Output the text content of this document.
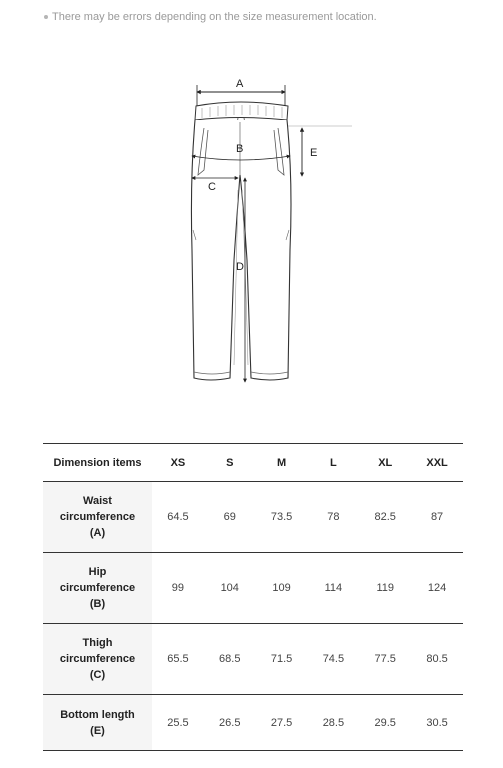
There may be errors depending on the size measurement location.
A
B
C
D
E
Dimension items	XS	S	M	L	XL	XXL

Waist
circumference
(A)	64.5	69	73.5	78	82.5	87

Hip
circumference
(B)	99	104	109	114	119	124

Thigh
circumference
(C)	65.5	68.5	71.5	74.5	77.5	80.5

Bottom length
(E)	25.5	26.5	27.5	28.5	29.5	30.5
